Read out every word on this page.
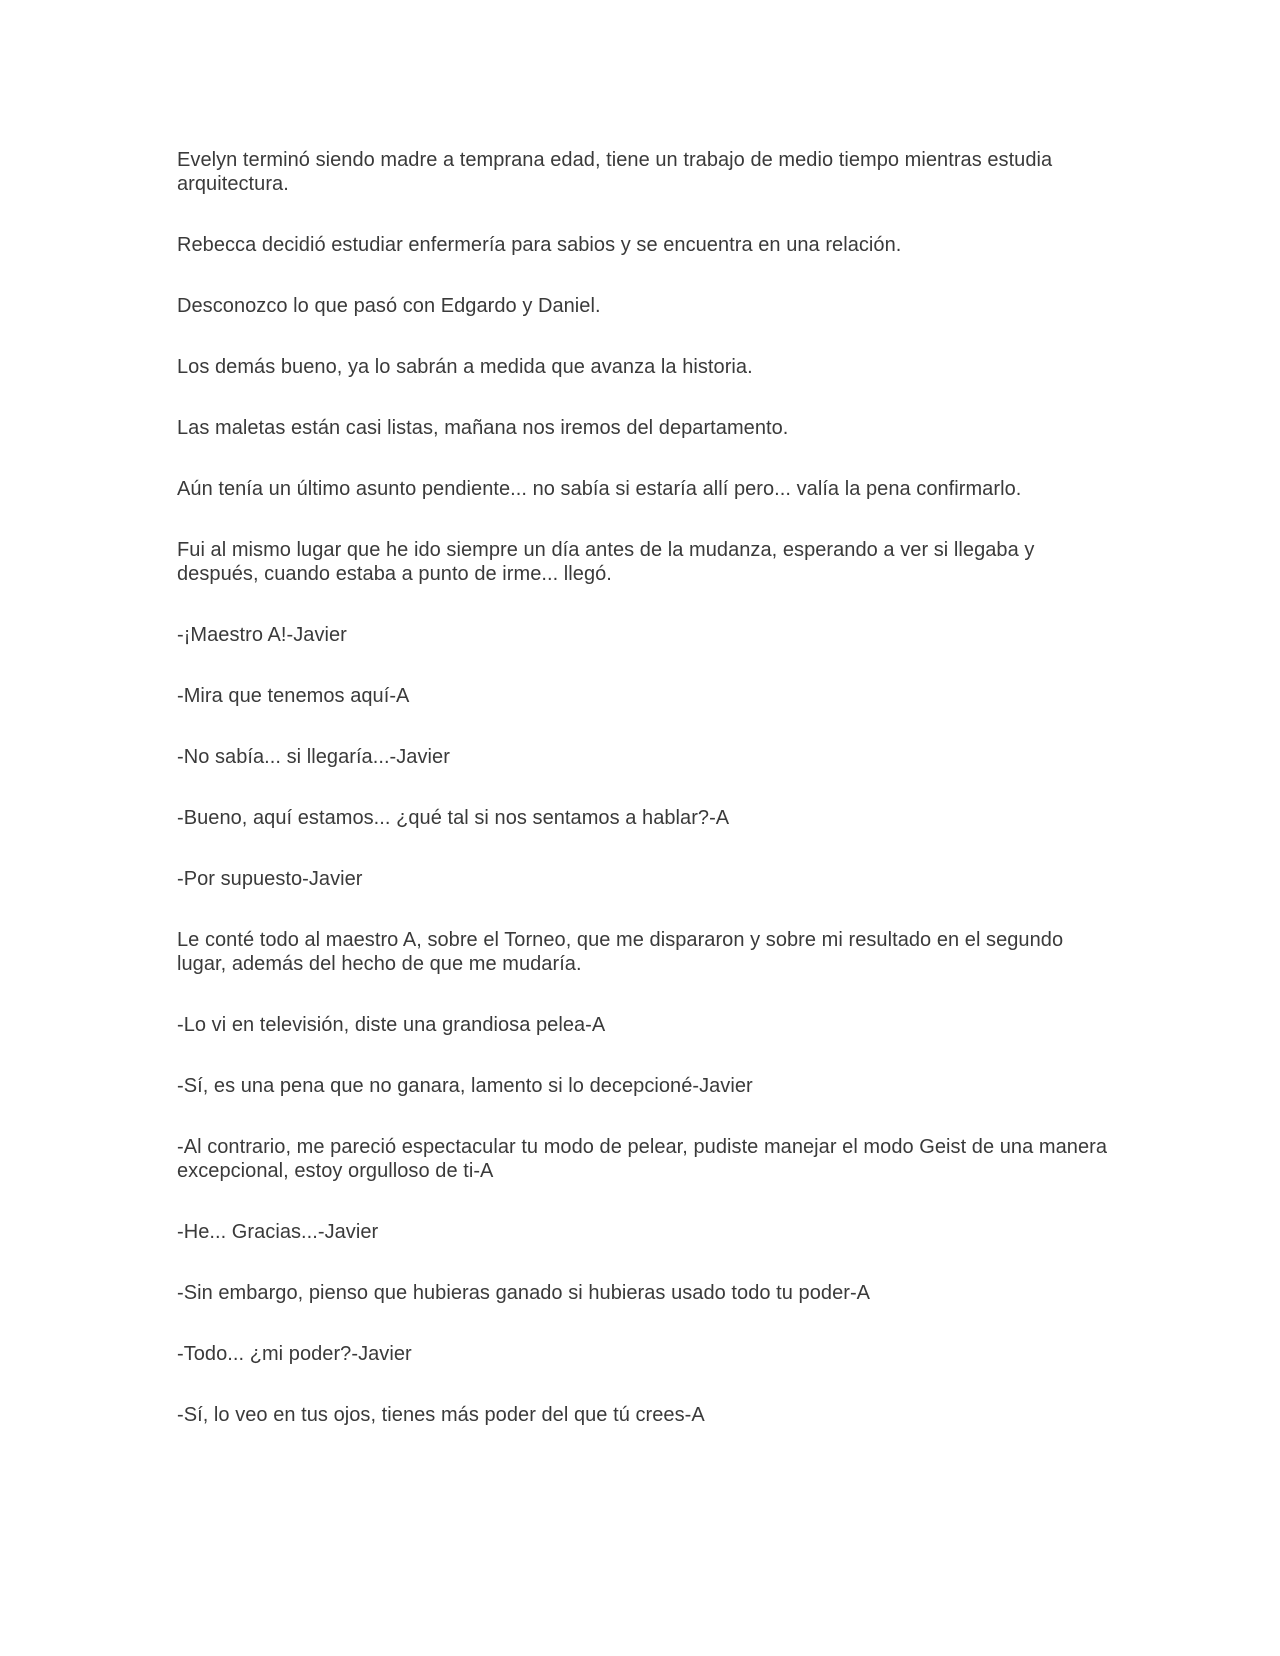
Evelyn terminó siendo madre a temprana edad, tiene un trabajo de medio tiempo mientras estudia arquitectura.

Rebecca decidió estudiar enfermería para sabios y se encuentra en una relación.

Desconozco lo que pasó con Edgardo y Daniel.

Los demás bueno, ya lo sabrán a medida que avanza la historia.

Las maletas están casi listas, mañana nos iremos del departamento.

Aún tenía un último asunto pendiente... no sabía si estaría allí pero... valía la pena confirmarlo.

Fui al mismo lugar que he ido siempre un día antes de la mudanza, esperando a ver si llegaba y después, cuando estaba a punto de irme... llegó.

-¡Maestro A!-Javier

-Mira que tenemos aquí-A

-No sabía... si llegaría...-Javier

-Bueno, aquí estamos... ¿qué tal si nos sentamos a hablar?-A

-Por supuesto-Javier

Le conté todo al maestro A, sobre el Torneo, que me dispararon y sobre mi resultado en el segundo lugar, además del hecho de que me mudaría.

-Lo vi en televisión, diste una grandiosa pelea-A

-Sí, es una pena que no ganara, lamento si lo decepcioné-Javier

-Al contrario, me pareció espectacular tu modo de pelear, pudiste manejar el modo Geist de una manera excepcional, estoy orgulloso de ti-A

-He... Gracias...-Javier

-Sin embargo, pienso que hubieras ganado si hubieras usado todo tu poder-A

-Todo... ¿mi poder?-Javier

-Sí, lo veo en tus ojos, tienes más poder del que tú crees-A
